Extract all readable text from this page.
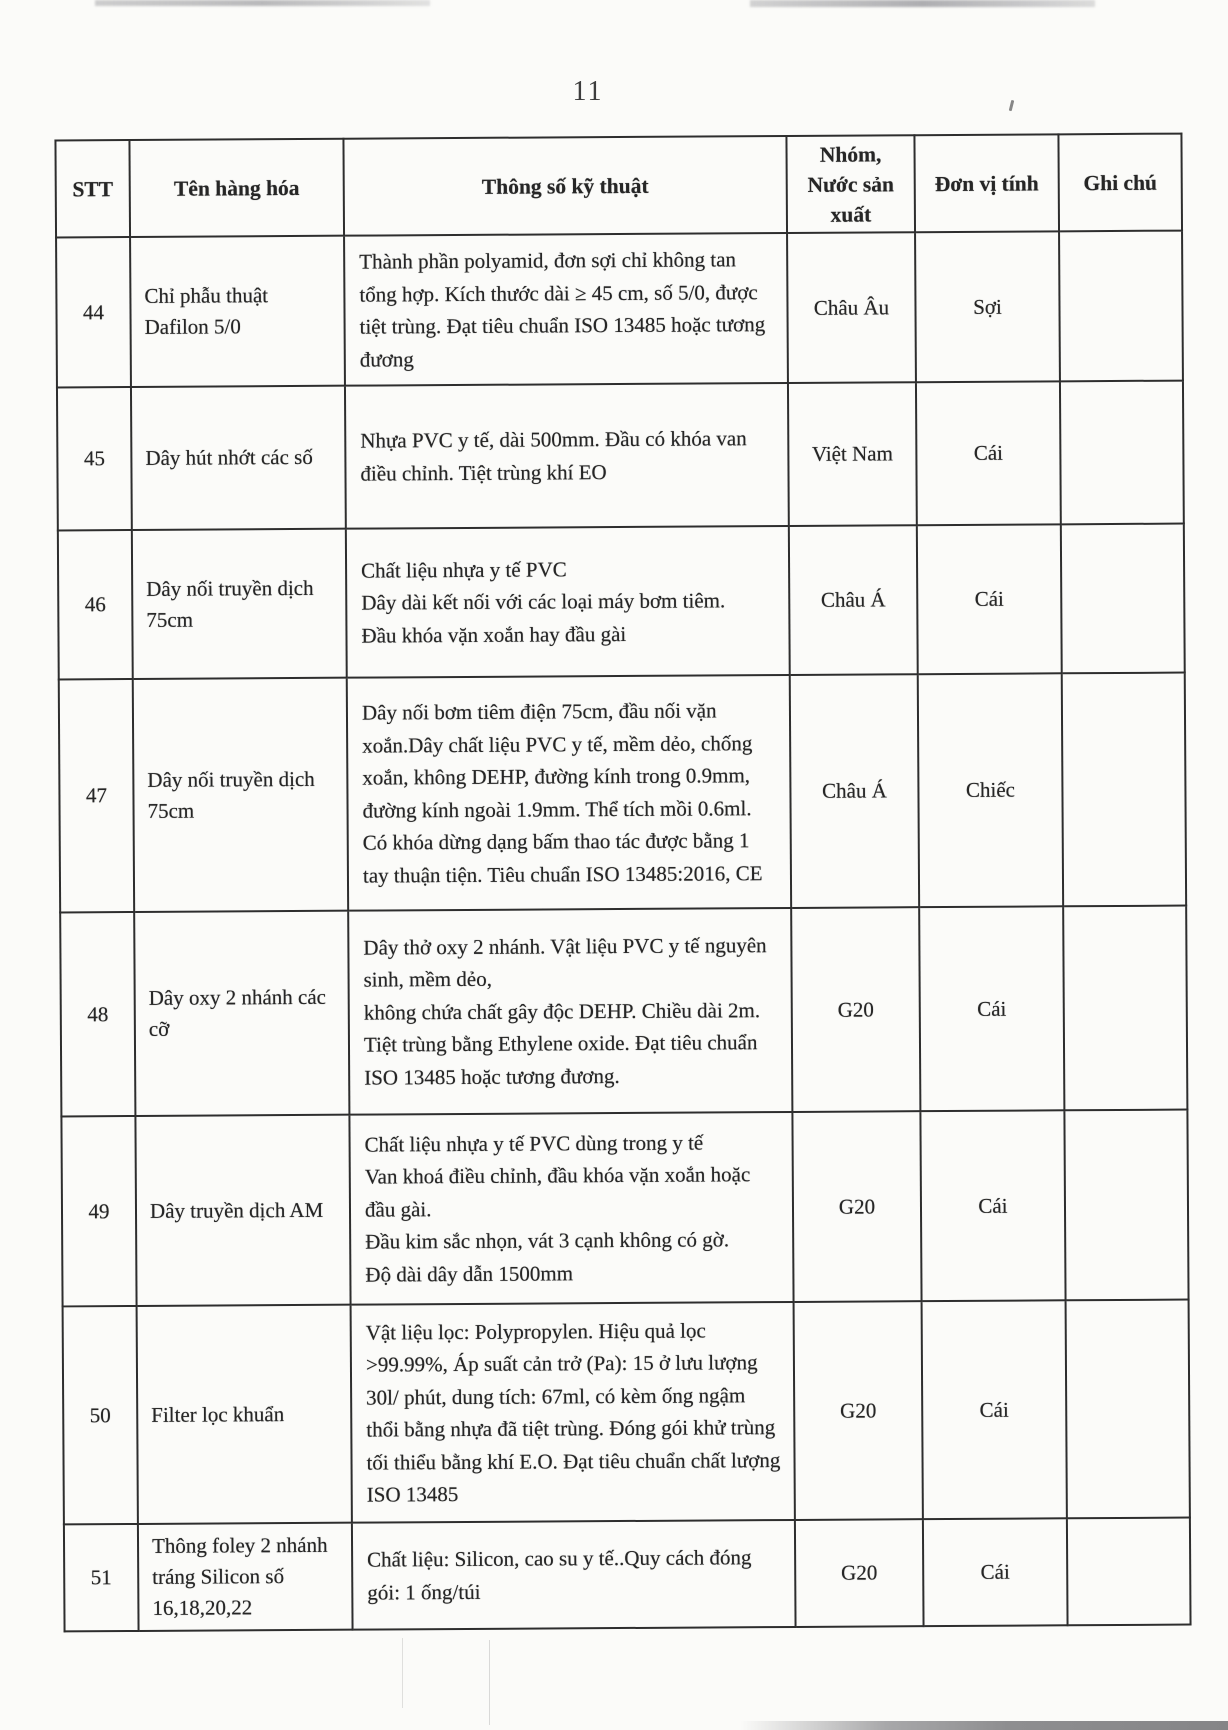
11
STT	Tên hàng hóa	Thông số kỹ thuật	Nhóm,
Nước sản
xuất	Đơn vị tính	Ghi chú
44	Chỉ phẫu thuật Dafilon 5/0	Thành phần polyamid, đơn sợi chỉ không tan tổng hợp. Kích thước dài ≥ 45 cm, số 5/0, được tiệt trùng. Đạt tiêu chuẩn ISO 13485 hoặc tương đương	Châu Âu	Sợi	
45	Dây hút nhớt các số	Nhựa PVC y tế, dài 500mm. Đầu có khóa van điều chỉnh. Tiệt trùng khí EO	Việt Nam	Cái	
46	Dây nối truyền dịch 75cm	Chất liệu nhựa y tế PVC
Dây dài kết nối với các loại máy bơm tiêm.
Đầu khóa vặn xoắn hay đầu gài	Châu Á	Cái	
47	Dây nối truyền dịch 75cm	Dây nối bơm tiêm điện 75cm, đầu nối vặn xoắn.Dây chất liệu PVC y tế, mềm dẻo, chống xoắn, không DEHP, đường kính trong 0.9mm, đường kính ngoài 1.9mm. Thể tích mồi 0.6ml. Có khóa dừng dạng bấm thao tác được bằng 1 tay thuận tiện. Tiêu chuẩn ISO 13485:2016, CE	Châu Á	Chiếc	
48	Dây oxy 2 nhánh các cỡ	Dây thở oxy 2 nhánh. Vật liệu PVC y tế nguyên sinh, mềm dẻo,
không chứa chất gây độc DEHP. Chiều dài 2m.
Tiệt trùng bằng Ethylene oxide. Đạt tiêu chuẩn ISO 13485 hoặc tương đương.	G20	Cái	
49	Dây truyền dịch AM	Chất liệu nhựa y tế PVC dùng trong y tế
Van khoá điều chỉnh, đầu khóa vặn xoắn hoặc đầu gài.
Đầu kim sắc nhọn, vát 3 cạnh không có gờ.
Độ dài dây dẫn 1500mm	G20	Cái	
50	Filter lọc khuẩn	Vật liệu lọc: Polypropylen. Hiệu quả lọc >99.99%, Áp suất cản trở (Pa): 15 ở lưu lượng 30l/ phút, dung tích: 67ml, có kèm ống ngậm thổi bằng nhựa đã tiệt trùng. Đóng gói khử trùng tối thiểu bằng khí E.O. Đạt tiêu chuẩn chất lượng ISO 13485	G20	Cái	
51	Thông foley 2 nhánh tráng Silicon số 16,18,20,22	Chất liệu: Silicon, cao su y tế..Quy cách đóng gói: 1 ống/túi	G20	Cái	
